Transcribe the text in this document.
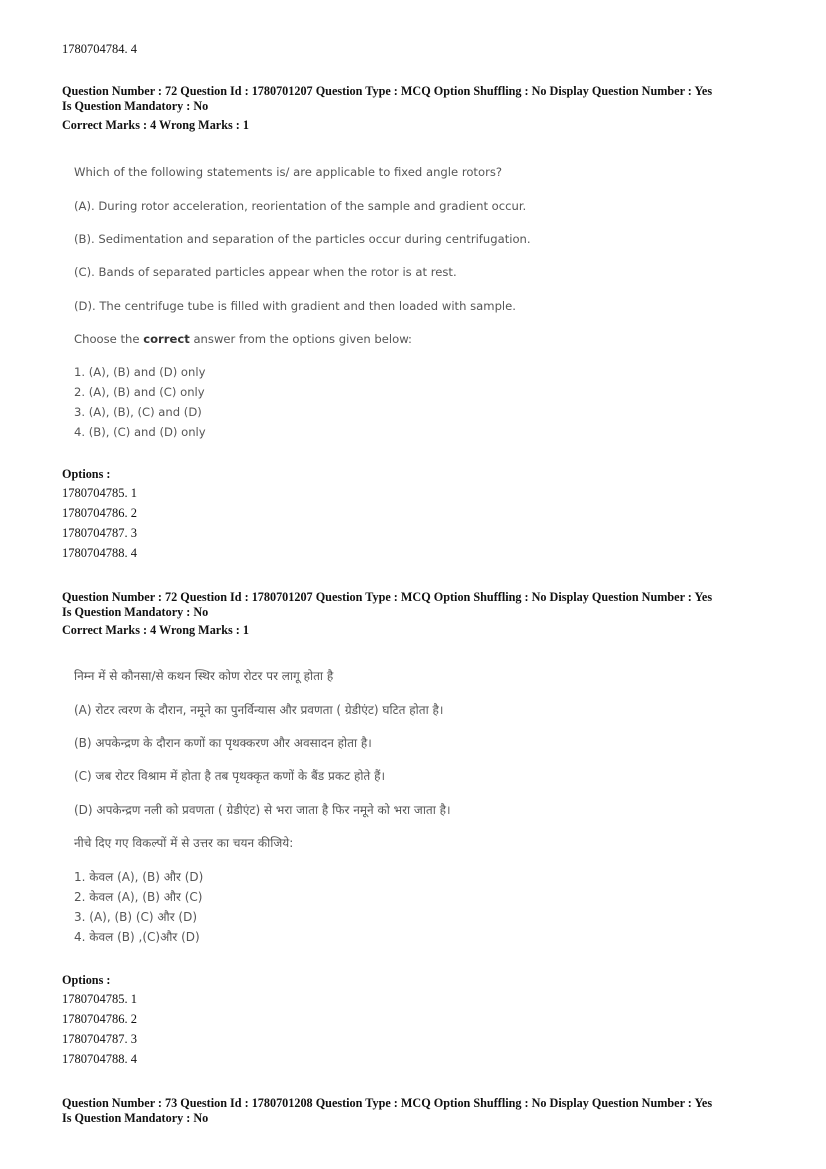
1780704784. 4
Question Number : 72 Question Id : 1780701207 Question Type : MCQ Option Shuffling : No Display Question Number : Yes
Is Question Mandatory : No
Correct Marks : 4 Wrong Marks : 1
Which of the following statements is/ are applicable to fixed angle rotors?
(A). During rotor acceleration, reorientation of the sample and gradient occur.
(B). Sedimentation and separation of the particles occur during centrifugation.
(C). Bands of separated particles appear when the rotor is at rest.
(D). The centrifuge tube is filled with gradient and then loaded with sample.
Choose the correct answer from the options given below:
1. (A), (B) and (D) only
2. (A), (B) and (C) only
3. (A), (B), (C) and (D)
4. (B), (C) and (D) only
Options :
1780704785. 1
1780704786. 2
1780704787. 3
1780704788. 4
Question Number : 72 Question Id : 1780701207 Question Type : MCQ Option Shuffling : No Display Question Number : Yes
Is Question Mandatory : No
Correct Marks : 4 Wrong Marks : 1
निम्न में से कौनसा/से कथन स्थिर कोण रोटर पर लागू होता है
(A) रोटर त्वरण के दौरान, नमूने का पुनर्विन्यास और प्रवणता ( ग्रेडीएंट) घटित होता है।
(B) अपकेन्द्रण के दौरान कणों का पृथक्करण और अवसादन होता है।
(C) जब रोटर विश्राम में होता है तब पृथक्कृत कणों के बैंड प्रकट होते हैं।
(D) अपकेन्द्रण नली को प्रवणता ( ग्रेडीएंट) से भरा जाता है फिर नमूने को भरा जाता है।
नीचे दिए गए विकल्पों में से उत्तर का चयन कीजिये:
1. केवल (A), (B) और (D)
2. केवल (A), (B) और (C)
3. (A), (B) (C) और (D)
4. केवल (B) ,(C)और (D)
Options :
1780704785. 1
1780704786. 2
1780704787. 3
1780704788. 4
Question Number : 73 Question Id : 1780701208 Question Type : MCQ Option Shuffling : No Display Question Number : Yes
Is Question Mandatory : No
